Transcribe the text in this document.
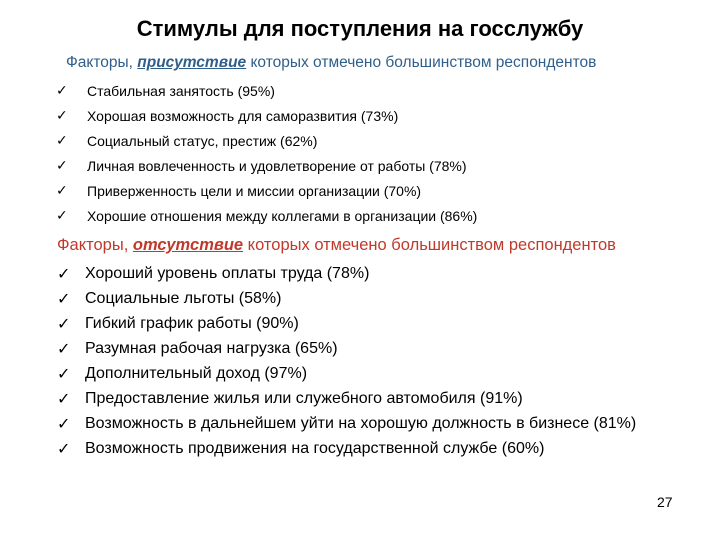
Стимулы для поступления на госслужбу
Факторы, присутствие которых отмечено большинством респондентов
✓ Стабильная занятость (95%)
✓ Хорошая возможность для саморазвития (73%)
✓ Социальный статус, престиж (62%)
✓ Личная вовлеченность и удовлетворение от работы (78%)
✓ Приверженность цели и миссии организации (70%)
✓ Хорошие отношения между коллегами в организации (86%)
Факторы, отсутствие которых отмечено большинством респондентов
✓ Хороший уровень оплаты труда (78%)
✓ Социальные льготы (58%)
✓ Гибкий график работы (90%)
✓ Разумная рабочая нагрузка (65%)
✓ Дополнительный доход (97%)
✓ Предоставление жилья или служебного автомобиля (91%)
✓ Возможность в дальнейшем уйти на хорошую должность в бизнесе (81%)
✓ Возможность продвижения на государственной службе (60%)
27
